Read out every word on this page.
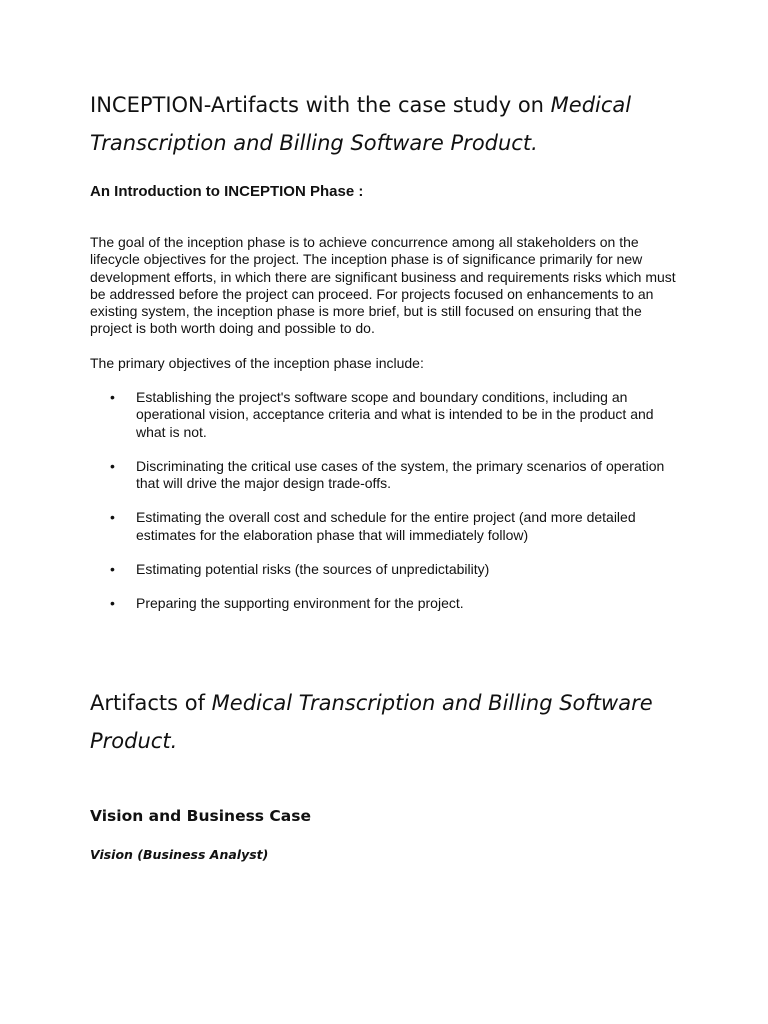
INCEPTION-Artifacts with the case study on Medical Transcription and Billing Software Product.
An Introduction to INCEPTION Phase :

The goal of the inception phase is to achieve concurrence among all stakeholders on the lifecycle objectives for the project. The inception phase is of significance primarily for new development efforts, in which there are significant business and requirements risks which must be addressed before the project can proceed. For projects focused on enhancements to an existing system, the inception phase is more brief, but is still focused on ensuring that the project is both worth doing and possible to do.

The primary objectives of the inception phase include:

• Establishing the project's software scope and boundary conditions, including an operational vision, acceptance criteria and what is intended to be in the product and what is not.
• Discriminating the critical use cases of the system, the primary scenarios of operation that will drive the major design trade-offs.
• Estimating the overall cost and schedule for the entire project (and more detailed estimates for the elaboration phase that will immediately follow)
• Estimating potential risks (the sources of unpredictability)
• Preparing the supporting environment for the project.
Artifacts of Medical Transcription and Billing Software Product.
Vision and Business Case
Vision (Business Analyst)
